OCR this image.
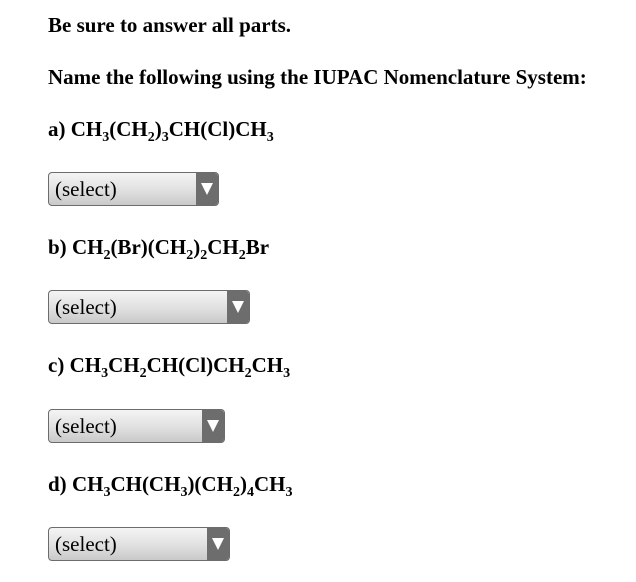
Be sure to answer all parts.
Name the following using the IUPAC Nomenclature System:
a) $CH_3(CH_2)_3CH(Cl)CH_3$
(select)
b) $CH_2(Br)(CH_2)_2CH_2Br$
(select)
c) $CH_3CH_2CH(Cl)CH_2CH_3$
(select)
d) $CH_3CH(CH_3)(CH_2)_4CH_3$
(select)
